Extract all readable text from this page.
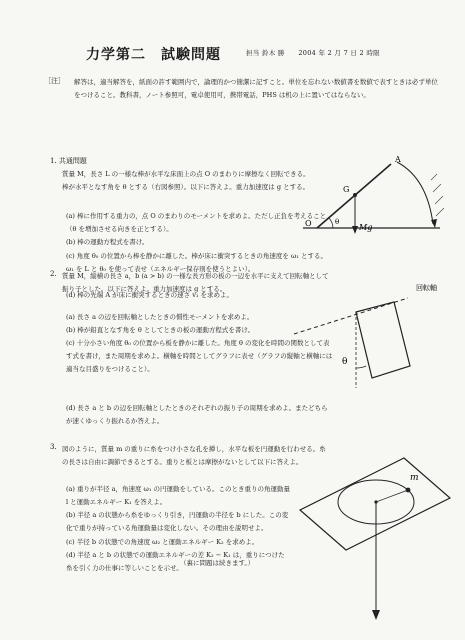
力学第二　試験問題	担当 鈴木 勝　　2004 年 2 月 7 日 2 時限
［注］ 解答は，適当解答を，紙面の許す範囲内で，論理的かつ簡潔に記すこと。単位を忘れない数値書を数値で表すときは必ず単位をつけること。教科書，ノート参照可，電卓使用可，携帯電話，PHS は机の上に置いてはならない。
1. 共通問題
質量 M，長さ L の一様な棒が水平な床面上の点 O のまわりに摩擦なく回転できる。棒が水平となす角を θ とする（右図参照）。以下に答えよ。重力加速度は g とする。
(a) 棒に作用する重力の，点 O のまわりのモーメントを求めよ。ただし正負を考えること（θ を増加させる向きを正とする）。
(b) 棒の運動方程式を書け。
(c) 角度 θ₀ の位置から棒を静かに離した。棒が床に衝突するときの角速度を ω₁ とする。ω₁ を L と θ₀ を使って表せ（エネルギー保存則を使うとよい）。
(d) 棒の先端 A が床に衝突するときの速さ v₁ を求めよ。
A
G
O	θ
Mg
2. 質量 M，縦横の長さ a，b (a > b) の一様な長方形の板の一辺を水平に支えて回転軸として振り子とした。以下に答えよ。重力加速度は g とする。
(a) 長さ a の辺を回転軸としたときの慣性モーメントを求めよ。
(b) 棒が鉛直となす角を θ としてときの板の運動方程式を書け。
(c) 十分小さい角度 θ₀ の位置から板を静かに離した。角度 θ の変化を時間の関数として表す式を書け，また周期を求めよ。横軸を時間としてグラフに表せ（グラフの縦軸と横軸には適当な目盛りをつけること）。
(d) 長さ a と b の辺を回転軸としたときのそれぞれの振り子の周期を求めよ。またどちらが速くゆっくり振れるか答えよ。
θ
回転軸
3. 図のように，質量 m の重りに糸をつけ小さな孔を挿し，水平な板を円運動を行わせる。糸の長さは自由に調節できるとする。重りと板とは摩擦がないとして以下に答えよ。
(a) 重りが半径 a，角速度 ω₁ の円運動をしている。このとき重りの角運動量 l と運動エネルギー K₁ を答えよ。
(b) 半径 a の状態から糸をゆっくり引き，円運動の半径を b にした。この変化で重りが持っている角運動量は変化しない。その理由を説明せよ。
(c) 半径 b の状態での角速度 ω₂ と運動エネルギー K₂ を求めよ。
(d) 半径 a と b の状態での運動エネルギーの差 K₂ − K₁ は，重りにつけた糸を引く力の仕事に等しいことを示せ。
m
（裏に問題は続きます。）
